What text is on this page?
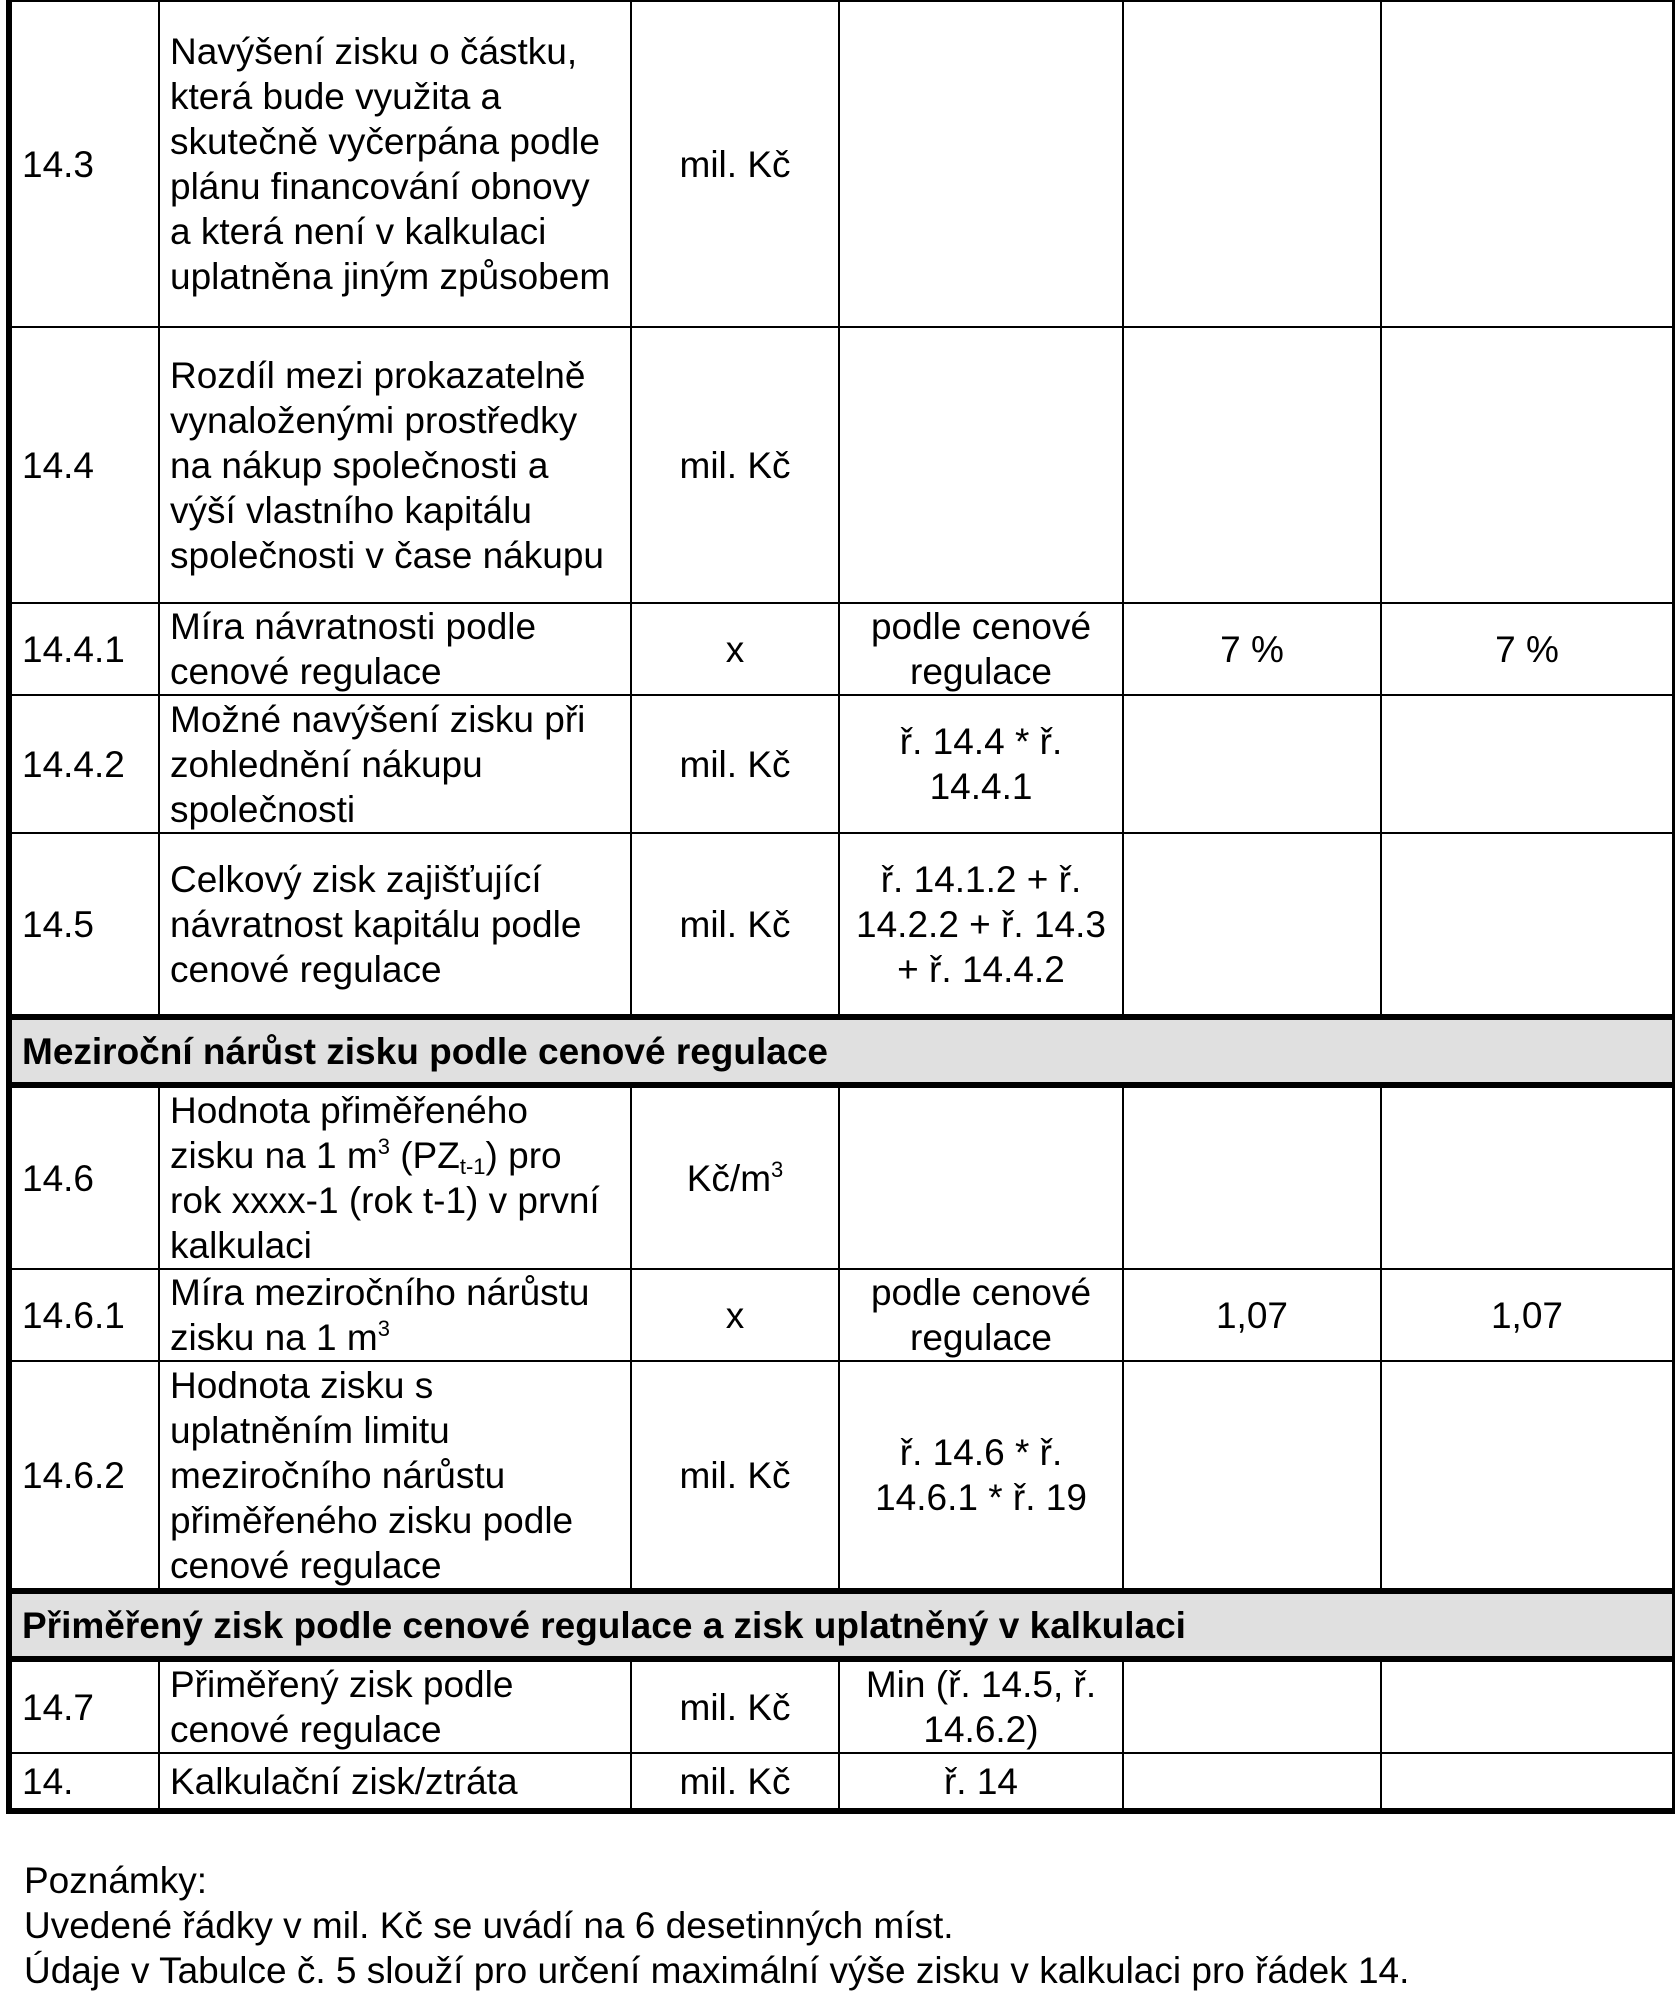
14.3	Navýšení zisku o částku, která bude využita a skutečně vyčerpána podle plánu financování obnovy a která není v kalkulaci uplatněna jiným způsobem	mil. Kč			
14.4	Rozdíl mezi prokazatelně vynaloženými prostředky na nákup společnosti a výší vlastního kapitálu společnosti v čase nákupu	mil. Kč			
14.4.1	Míra návratnosti podle cenové regulace	x	podle cenové regulace	7 %	7 %
14.4.2	Možné navýšení zisku při zohlednění nákupu společnosti	mil. Kč	ř. 14.4 * ř. 14.4.1		
14.5	Celkový zisk zajišťující návratnost kapitálu podle cenové regulace	mil. Kč	ř. 14.1.2 + ř. 14.2.2 + ř. 14.3 + ř. 14.4.2		
Meziroční nárůst zisku podle cenové regulace					
14.6	Hodnota přiměřeného zisku na 1 $m^3$ $(PZ_{t-1})$ pro rok xxxx-1 (rok t-1) v první kalkulaci	$Kč/m^3$			
14.6.1	Míra meziročního nárůstu zisku na 1 $m^3$	x	podle cenové regulace	1,07	1,07
14.6.2	Hodnota zisku s uplatněním limitu meziročního nárůstu přiměřeného zisku podle cenové regulace	mil. Kč	ř. 14.6 * ř. 14.6.1 * ř. 19		
Přiměřený zisk podle cenové regulace a zisk uplatněný v kalkulaci					
14.7	Přiměřený zisk podle cenové regulace	mil. Kč	Min (ř. 14.5, ř. 14.6.2)		
14.	Kalkulační zisk/ztráta	mil. Kč	ř. 14		
Poznámky:
Uvedené řádky v mil. Kč se uvádí na 6 desetinných míst.
Údaje v Tabulce č. 5 slouží pro určení maximální výše zisku v kalkulaci pro řádek 14.
